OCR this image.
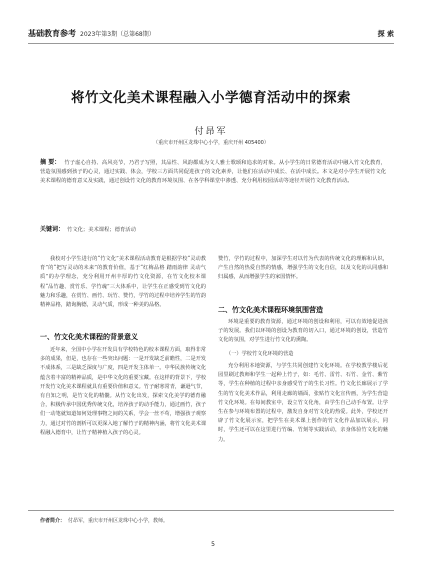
基础教育参考 2023年第3期（总第68期）	探 索
将竹文化美术课程融入小学德育活动中的探索
付昂军
（重庆市开州区龙珠中心小学，重庆开州 405400）
摘 要： 竹子虚心自持、高风亮节，乃君子写照，其品性、风韵都成为文人雅士歌颂和追求的对象。从小学生的日常德育活动中融入竹文化教育，营造氛围感到孩子的心灵，通过实践、体会，学校三方面共同促进孩子的文化素养，让他们在活动中成长、在活中成长。本文是对小学生开展竹文化美术课程的德育意义及实践，通过创设竹文化的教育环境氛围、在各学科课堂中渗透、充分利用校园活动等途径开展竹文化教育活动。
关键词： 竹文化；美术课程；德育活动

我校对小学生进行的“竹文化”美术课程活动教育是根据学校“灵动教育”的“把写灵动的未来”的教育价值，基于“红梅品格 踏雨韵律 灵动气质”的办学理念，充分利用开州丰厚的竹文化资源，在竹文化校本课程“品竹趣、赏竹乐、学竹魂”三大体系中，让学生在正感受到竹文化的魅力和乐趣，在赏竹、画竹、玩竹、赞竹，学竹的过程中培养学生的竹韵精神品格，踏询胸德，灵动气质，形成一种美的品格。

一、竹文化美术课程的背景意义

近年来，全国中小学在开发具有学校特色的校本课程方面，取得非常多的成果，但是，也存在一些突出问题：一是开发缺乏前瞻性，二是开发不成体系，三是缺乏深度与广度，四是开发主体单一。中华民族传统文化蕴含着丰富的精神品质，是中华文化的重要宝藏。在这样的背景下，学校开发竹文化美术课程就具有重要价值和意义。竹子耐寒常青，谦逊气节，有自知之明，是竹文化的精髓。从竹文化出发，探索文化美学的德育融合，积极传承中国优秀传统文化，培养孩子的动手能力，通过画竹，孩子们一动笔就知道如何处理事物之间的关系，学会一丝不苟，增强孩子观察力，通过对竹的剖析可以更深入地了解竹子的精神内涵，将竹文化美术课程融入德育中，让竹子精神植入孩子的心灵。

赞竹，学竹的过程中，加深学生对以竹为代表的传统文化的理解和认识，产生自然的热爱自然的情感，增强学生的文化自信，以及文化的认同感和归属感，从而增强学生的家国情怀。

二、竹文化美术课程环境氛围营造

环境是重要的教育资源，通过环境的创设和利用，可以有效地促进孩子的发展。我们以环境的创设为教育的切入口，通过环境的创设，营造竹文化的氛围，对学生进行竹文化的熏陶。

（一）学校竹文化环境的营造

充分利用本地资源，与学生共同创建竹文化环境。在学校教学楼后花园里刷过教师和学生一起种上竹子，如：毛竹、雷竹、石竹、金竹、紫竹等，学生在种植的过程中亲身感受竹子的生长习性。竹文化长廊展示了学生的竹文化美术作品，利用走廊的墙面，张贴竹文化宣传画，为学生营造竹文化环境。在每间教室中，设立竹文化角，由学生自己动手布置。让学生在参与环境布置的过程中，激发自身对竹文化的热爱。此外，学校还开辟了竹文化展示室，把学生在美术课上创作的竹文化作品加以展示，同时，学生还可以在这里进行竹编、竹刻等实践活动，亲身体验竹文化的魅力。

作者简介： 付昂军，重庆市开州区龙珠中心小学，教师。
5
